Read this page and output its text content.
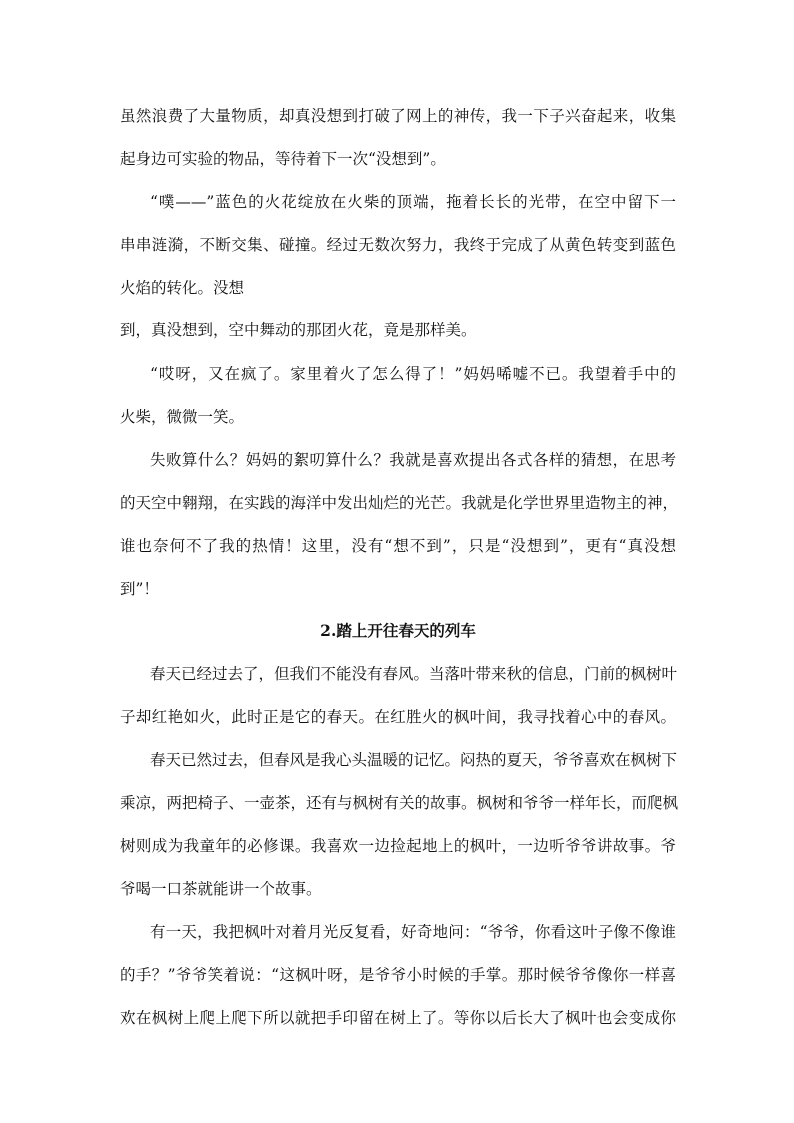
虽然浪费了大量物质，却真没想到打破了网上的神传，我一下子兴奋起来，收集
起身边可实验的物品，等待着下一次“没想到”。
“噗——”蓝色的火花绽放在火柴的顶端，拖着长长的光带，在空中留下一
串串涟漪，不断交集、碰撞。经过无数次努力，我终于完成了从黄色转变到蓝色
火焰的转化。没想
到，真没想到，空中舞动的那团火花，竟是那样美。
“哎呀，又在疯了。家里着火了怎么得了！”妈妈唏嘘不已。我望着手中的
火柴，微微一笑。
失败算什么？妈妈的絮叨算什么？我就是喜欢提出各式各样的猜想，在思考
的天空中翱翔，在实践的海洋中发出灿烂的光芒。我就是化学世界里造物主的神，
谁也奈何不了我的热情！这里，没有“想不到”，只是“没想到”，更有“真没想
到”！
2.踏上开往春天的列车
春天已经过去了，但我们不能没有春风。当落叶带来秋的信息，门前的枫树叶
子却红艳如火，此时正是它的春天。在红胜火的枫叶间，我寻找着心中的春风。
春天已然过去，但春风是我心头温暖的记忆。闷热的夏天，爷爷喜欢在枫树下
乘凉，两把椅子、一壶茶，还有与枫树有关的故事。枫树和爷爷一样年长，而爬枫
树则成为我童年的必修课。我喜欢一边捡起地上的枫叶，一边听爷爷讲故事。爷
爷喝一口茶就能讲一个故事。
有一天，我把枫叶对着月光反复看，好奇地问：“爷爷，你看这叶子像不像谁
的手？”爷爷笑着说：“这枫叶呀，是爷爷小时候的手掌。那时候爷爷像你一样喜
欢在枫树上爬上爬下所以就把手印留在树上了。等你以后长大了枫叶也会变成你
